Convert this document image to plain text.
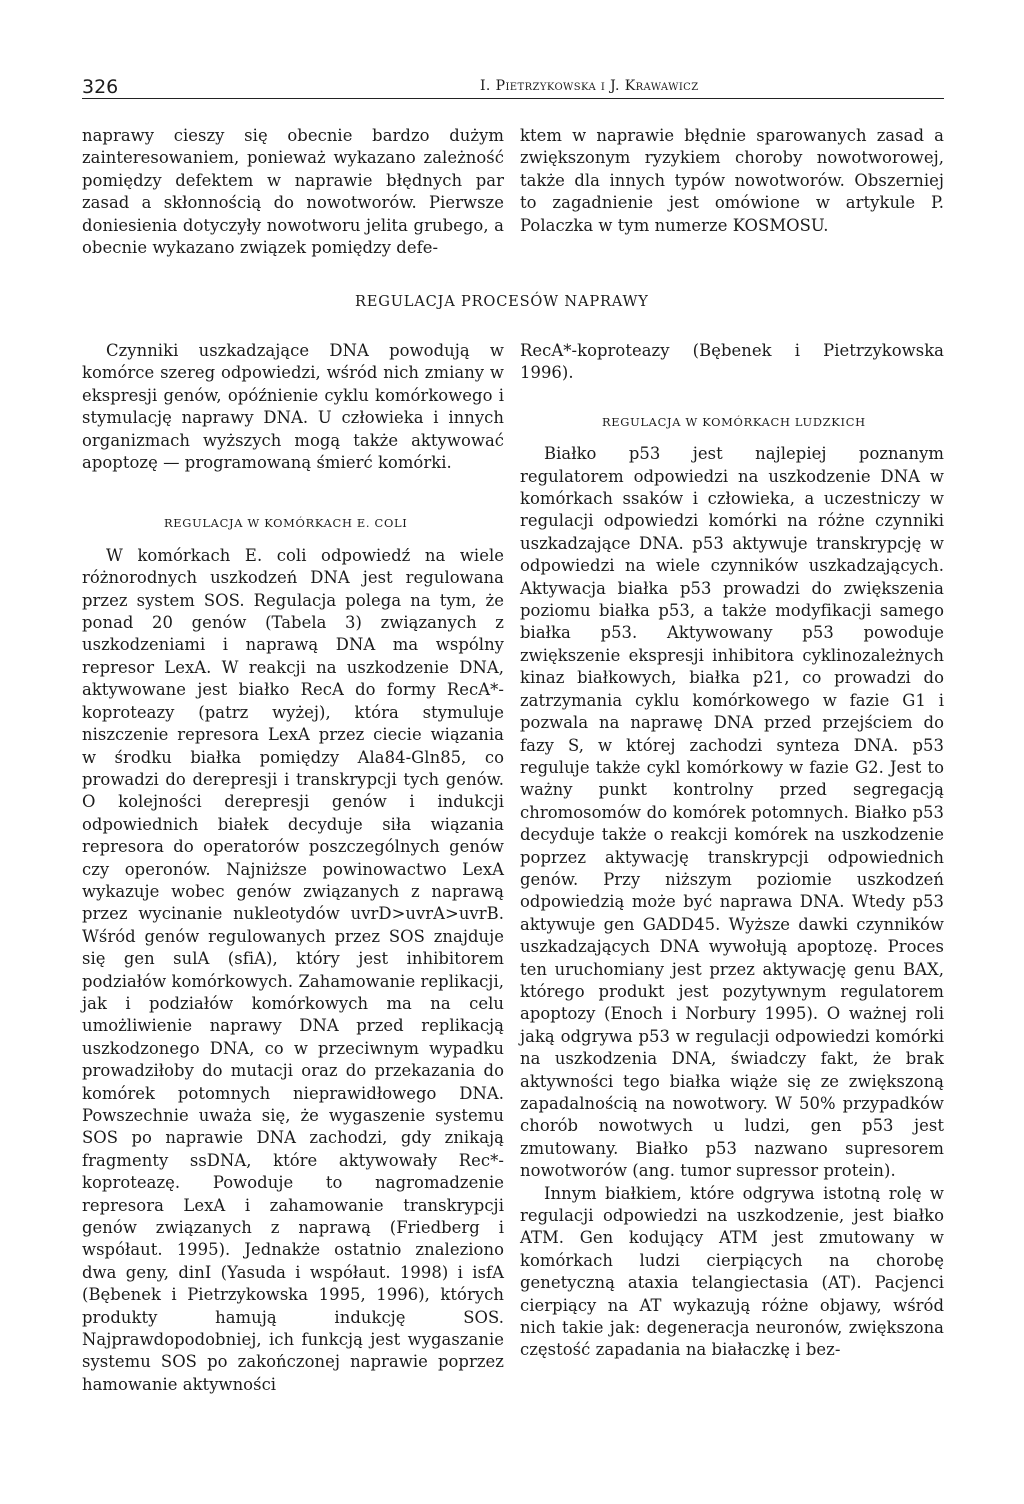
326	I. Pietrzykowska i J. Krawawicz

naprawy cieszy się obecnie bardzo dużym zainteresowaniem, ponieważ wykazano zależność pomiędzy defektem w naprawie błędnych par zasad a skłonnością do nowotworów. Pierwsze doniesienia dotyczyły nowotworu jelita grubego, a obecnie wykazano związek pomiędzy defe-

ktem w naprawie błędnie sparowanych zasad a zwiększonym ryzykiem choroby nowotworowej, także dla innych typów nowotworów. Obszerniej to zagadnienie jest omówione w artykule P. Polaczka w tym numerze KOSMOSU.

REGULACJA PROCESÓW NAPRAWY

Czynniki uszkadzające DNA powodują w komórce szereg odpowiedzi, wśród nich zmiany w ekspresji genów, opóźnienie cyklu komórkowego i stymulację naprawy DNA. U człowieka i innych organizmach wyższych mogą także aktywować apoptozę — programowaną śmierć komórki.

REGULACJA W KOMÓRKACH E. COLI

W komórkach E. coli odpowiedź na wiele różnorodnych uszkodzeń DNA jest regulowana przez system SOS. Regulacja polega na tym, że ponad 20 genów (Tabela 3) związanych z uszkodzeniami i naprawą DNA ma wspólny represor LexA. W reakcji na uszkodzenie DNA, aktywowane jest białko RecA do formy RecA*-koproteazy (patrz wyżej), która stymuluje niszczenie represora LexA przez ciecie wiązania w środku białka pomiędzy Ala84-Gln85, co prowadzi do derepresji i transkrypcji tych genów. O kolejności derepresji genów i indukcji odpowiednich białek decyduje siła wiązania represora do operatorów poszczególnych genów czy operonów. Najniższe powinowactwo LexA wykazuje wobec genów związanych z naprawą przez wycinanie nukleotydów uvrD>uvrA>uvrB. Wśród genów regulowanych przez SOS znajduje się gen sulA (sfiA), który jest inhibitorem podziałów komórkowych. Zahamowanie replikacji, jak i podziałów komórkowych ma na celu umożliwienie naprawy DNA przed replikacją uszkodzonego DNA, co w przeciwnym wypadku prowadziłoby do mutacji oraz do przekazania do komórek potomnych nieprawidłowego DNA. Powszechnie uważa się, że wygaszenie systemu SOS po naprawie DNA zachodzi, gdy znikają fragmenty ssDNA, które aktywowały Rec*-koproteazę. Powoduje to nagromadzenie represora LexA i zahamowanie transkrypcji genów związanych z naprawą (Friedberg i współaut. 1995). Jednakże ostatnio znaleziono dwa geny, dinI (Yasuda i współaut. 1998) i isfA (Bębenek i Pietrzykowska 1995, 1996), których produkty hamują indukcję SOS. Najprawdopodobniej, ich funkcją jest wygaszanie systemu SOS po zakończonej naprawie poprzez hamowanie aktywności

RecA*-koproteazy (Bębenek i Pietrzykowska 1996).

REGULACJA W KOMÓRKACH LUDZKICH

Białko p53 jest najlepiej poznanym regulatorem odpowiedzi na uszkodzenie DNA w komórkach ssaków i człowieka, a uczestniczy w regulacji odpowiedzi komórki na różne czynniki uszkadzające DNA. p53 aktywuje transkrypcję w odpowiedzi na wiele czynników uszkadzających. Aktywacja białka p53 prowadzi do zwiększenia poziomu białka p53, a także modyfikacji samego białka p53. Aktywowany p53 powoduje zwiększenie ekspresji inhibitora cyklinozależnych kinaz białkowych, białka p21, co prowadzi do zatrzymania cyklu komórkowego w fazie G1 i pozwala na naprawę DNA przed przejściem do fazy S, w której zachodzi synteza DNA. p53 reguluje także cykl komórkowy w fazie G2. Jest to ważny punkt kontrolny przed segregacją chromosomów do komórek potomnych. Białko p53 decyduje także o reakcji komórek na uszkodzenie poprzez aktywację transkrypcji odpowiednich genów. Przy niższym poziomie uszkodzeń odpowiedzią może być naprawa DNA. Wtedy p53 aktywuje gen GADD45. Wyższe dawki czynników uszkadzających DNA wywołują apoptozę. Proces ten uruchomiany jest przez aktywację genu BAX, którego produkt jest pozytywnym regulatorem apoptozy (Enoch i Norbury 1995). O ważnej roli jaką odgrywa p53 w regulacji odpowiedzi komórki na uszkodzenia DNA, świadczy fakt, że brak aktywności tego białka wiąże się ze zwiększoną zapadalnością na nowotwory. W 50% przypadków chorób nowotwych u ludzi, gen p53 jest zmutowany. Białko p53 nazwano supresorem nowotworów (ang. tumor supressor protein).

Innym białkiem, które odgrywa istotną rolę w regulacji odpowiedzi na uszkodzenie, jest białko ATM. Gen kodujący ATM jest zmutowany w komórkach ludzi cierpiących na chorobę genetyczną ataxia telangiectasia (AT). Pacjenci cierpiący na AT wykazują różne objawy, wśród nich takie jak: degeneracja neuronów, zwiększona częstość zapadania na białaczkę i bez-
